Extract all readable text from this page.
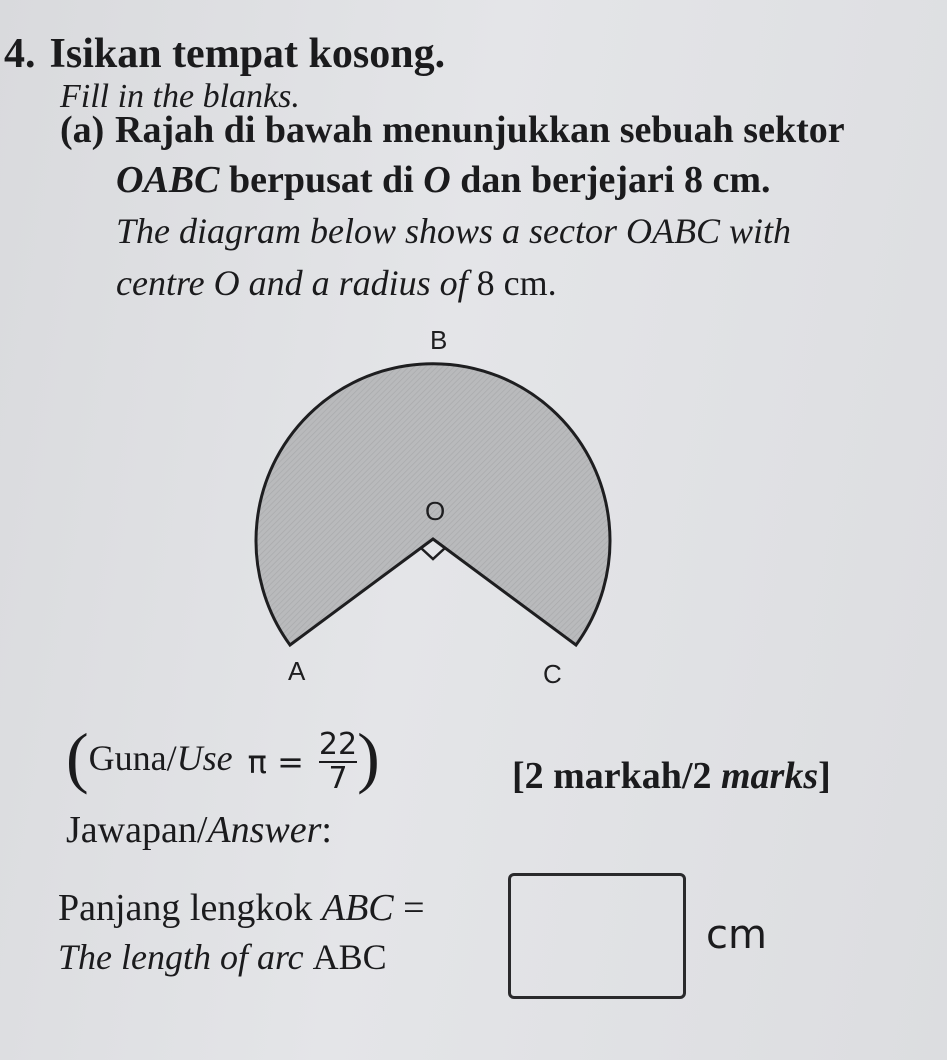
4. Isikan tempat kosong.
Fill in the blanks.
(a) Rajah di bawah menunjukkan sebuah sektor
OABC berpusat di O dan berjejari 8 cm.
The diagram below shows a sector OABC with
centre O and a radius of 8 cm.
B
O
A	C
(Guna/Use $\pi = \frac{22}{7}$ )	[2 markah/2 marks]
Jawapan/Answer:
Panjang lengkok ABC =
The length of arc ABC	cm
